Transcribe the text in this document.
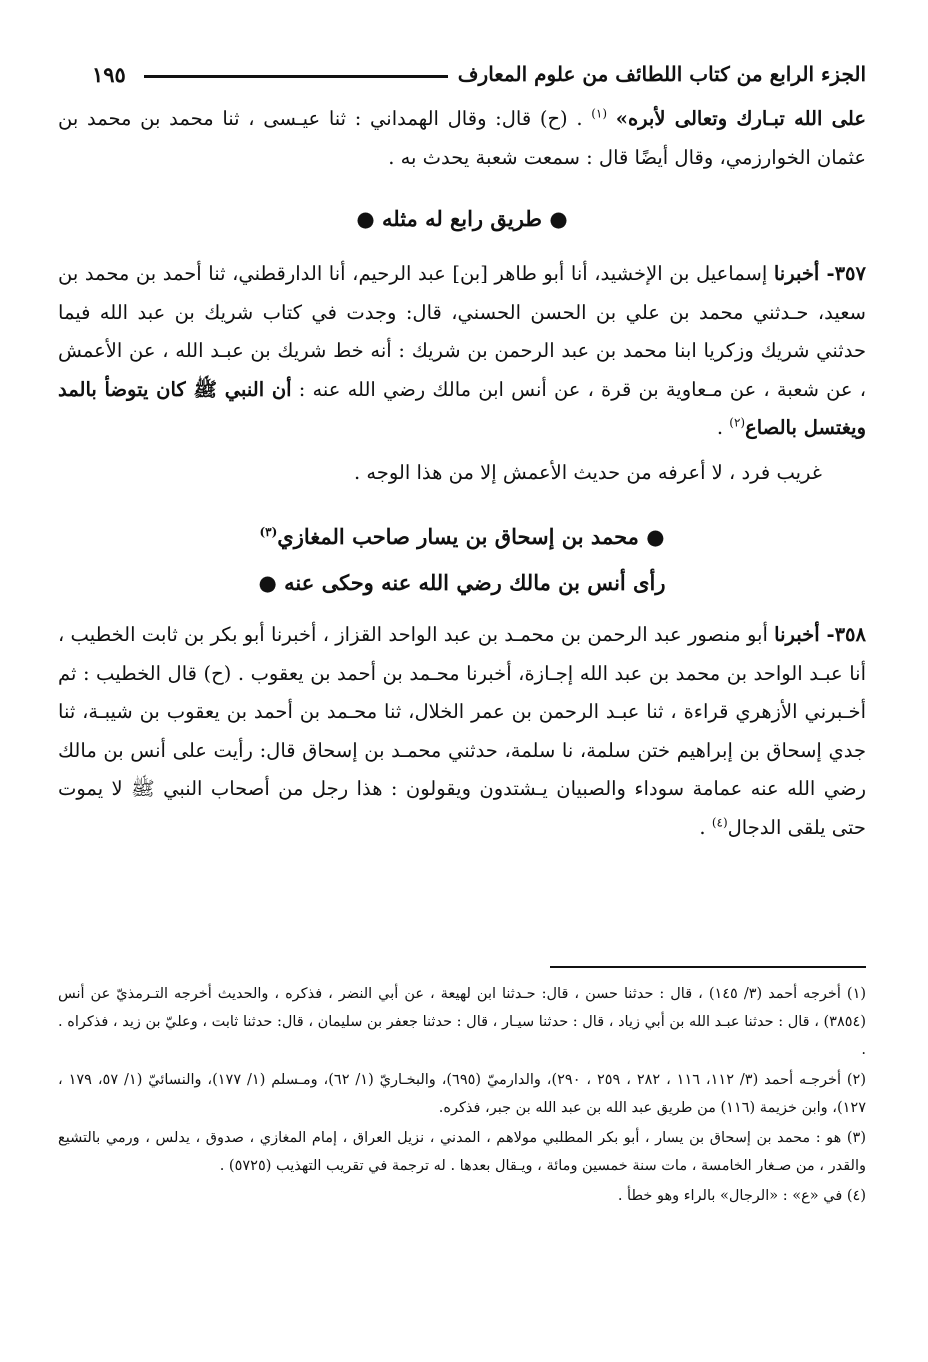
الجزء الرابع من كتاب اللطائف من علوم المعارف
١٩٥

على الله تبـارك وتعالى لأبره» $^{(١)}$ . (ح) قال: وقال الهمداني : ثنا عيـسى ، ثنا محمد بن محمد بن عثمان الخوارزمي، وقال أيضًا قال : سمعت شعبة يحدث به .

● طريق رابع له مثله ●

٣٥٧- أخبرنا إسماعيل بن الإخشيد، أنا أبو طاهر [بن] عبد الرحيم، أنا الدارقطني، ثنا أحمد بن محمد بن سعيد، حـدثني محمد بن علي بن الحسن الحسني، قال: وجدت في كتاب شريك بن عبد الله فيما حدثني شريك وزكريا ابنا محمد بن عبد الرحمن بن شريك : أنه خط شريك بن عبـد الله ، عن الأعمش ، عن شعبة ، عن مـعاوية بن قرة ، عن أنس ابن مالك رضي الله عنه : أن النبي ﷺ كان يتوضأ بالمد ويغتسل بالصاع$^{(٢)}$ .

غريب فرد ، لا أعرفه من حديث الأعمش إلا من هذا الوجه .

● محمد بن إسحاق بن يسار صاحب المغازي$^{(٣)}$

رأى أنس بن مالك رضي الله عنه وحكى عنه ●

٣٥٨- أخبرنا أبو منصور عبد الرحمن بن محمـد بن عبد الواحد القزاز ، أخبرنا أبو بكر بن ثابت الخطيب ، أنا عبـد الواحد بن محمد بن عبد الله إجـازة، أخبرنا محـمد بن أحمد بن يعقوب . (ح) قال الخطيب : ثم أخـبرني الأزهري قراءة ، ثنا عبـد الرحمن بن عمر الخلال، ثنا محـمد بن أحمد بن يعقوب بن شيبـة، ثنا جدي إسحاق بن إبراهيم ختن سلمة، نا سلمة، حدثني محمـد بن إسحاق قال: رأيت على أنس بن مالك رضي الله عنه عمامة سوداء والصبيان يـشتدون ويقولون : هذا رجل من أصحاب النبي ﷺ لا يموت حتى يلقى الدجال$^{(٤)}$ .

(١) أخرجه أحمد (٣/ ١٤٥) ، قال : حدثنا حسن ، قال: حـدثنا ابن لهيعة ، عن أبي النضر ، فذكره ، والحديث أخرجه التـرمذيّ عن أنس (٣٨٥٤) ، قال : حدثنا عبـد الله بن أبي زياد ، قال : حدثنا سيـار ، قال : حدثنا جعفر بن سليمان ، قال: حدثنا ثابت ، وعليّ بن زيد ، فذكراه . .

(٢) أخرجـه أحمد (٣/ ١١٢، ١١٦ ، ٢٨٢ ، ٢٥٩ ، ٢٩٠)، والدارميّ (٦٩٥)، والبخـاريّ (١/ ٦٢)، ومـسلم (١/ ١٧٧)، والنسائيّ (١/ ٥٧، ١٧٩ ، ١٢٧)، وابن خزيمة (١١٦) من طريق عبد الله بن عبد الله بن جبر، فذكره.

(٣) هو : محمد بن إسحاق بن يسار ، أبو بكر المطلبي مولاهم ، المدني ، نزيل العراق ، إمام المغازي ، صدوق ، يدلس ، ورمي بالتشيع والقدر ، من صـغار الخامسة ، مات سنة خمسين ومائة ، ويـقال بعدها . له ترجمة في تقريب التهذيب (٥٧٢٥) .

(٤) في «ع» : «الرجال» بالراء وهو خطأ .
